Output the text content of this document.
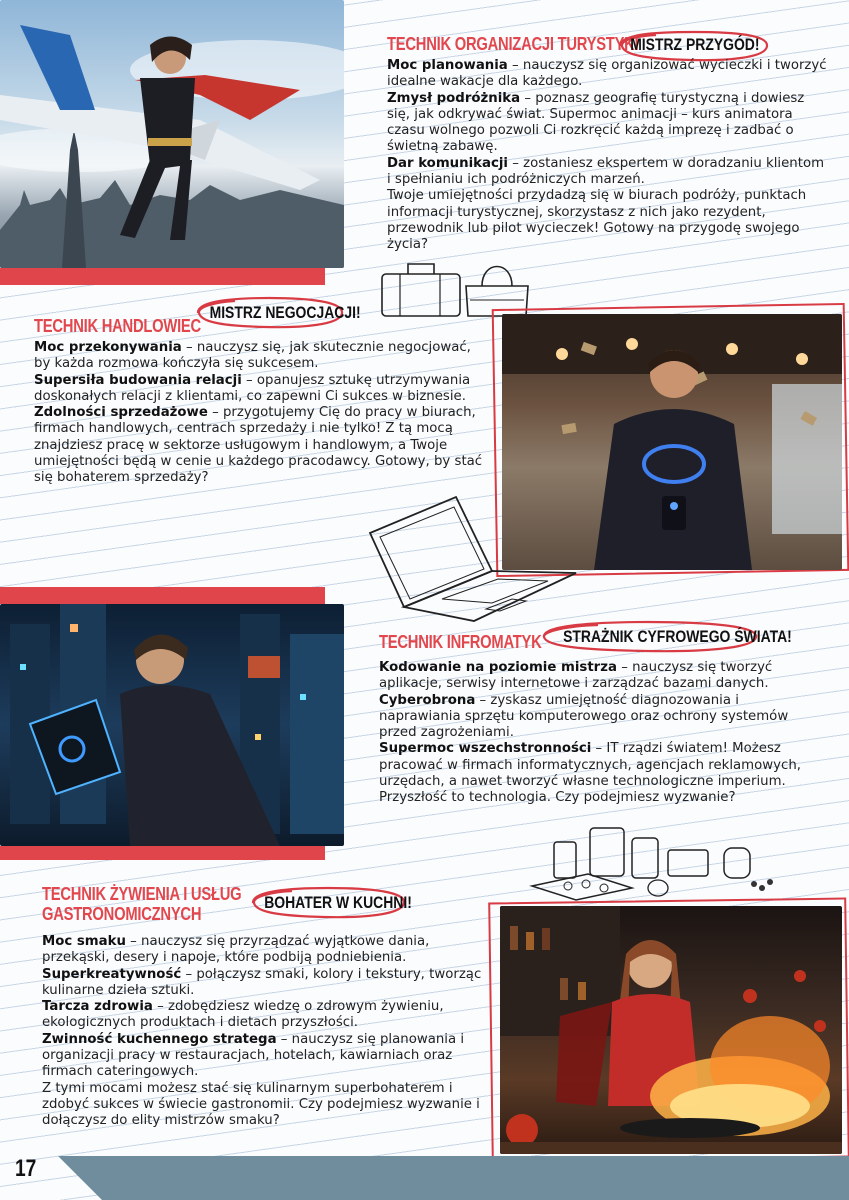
TECHNIK ORGANIZACJI TURYSTYKI
MISTRZ PRZYGÓD!

Moc planowania – nauczysz się organizować wycieczki i tworzyć idealne wakacje dla każdego.

Zmysł podróżnika – poznasz geografię turystyczną i dowiesz się, jak odkrywać świat. Supermoc animacji – kurs animatora czasu wolnego pozwoli Ci rozkręcić każdą imprezę i zadbać o świetną zabawę.

Dar komunikacji – zostaniesz ekspertem w doradzaniu klientom i spełnianiu ich podróżniczych marzeń.

Twoje umiejętności przydadzą się w biurach podróży, punktach informacji turystycznej, skorzystasz z nich jako rezydent, przewodnik lub pilot wycieczek! Gotowy na przygodę swojego życia?

TECHNIK HANDLOWIEC
MISTRZ NEGOCJACJI!

Moc przekonywania – nauczysz się, jak skutecznie negocjować, by każda rozmowa kończyła się sukcesem.

Supersiła budowania relacji – opanujesz sztukę utrzymywania doskonałych relacji z klientami, co zapewni Ci sukces w biznesie.

Zdolności sprzedażowe – przygotujemy Cię do pracy w biurach, firmach handlowych, centrach sprzedaży i nie tylko! Z tą mocą znajdziesz pracę w sektorze usługowym i handlowym, a Twoje umiejętności będą w cenie u każdego pracodawcy. Gotowy, by stać się bohaterem sprzedaży?

TECHNIK INFROMATYK	STRAŻNIK CYFROWEGO ŚWIATA!

Kodowanie na poziomie mistrza – nauczysz się tworzyć aplikacje, serwisy internetowe i zarządzać bazami danych.

Cyberobrona – zyskasz umiejętność diagnozowania i naprawiania sprzętu komputerowego oraz ochrony systemów przed zagrożeniami.

Supermoc wszechstronności – IT rządzi światem! Możesz pracować w firmach informatycznych, agencjach reklamowych, urzędach, a nawet tworzyć własne technologiczne imperium. Przyszłość to technologia. Czy podejmiesz wyzwanie?

TECHNIK ŻYWIENIA I USŁUG
GASTRONOMICZNYCH
BOHATER W KUCHNI!

Moc smaku – nauczysz się przyrządzać wyjątkowe dania, przekąski, desery i napoje, które podbiją podniebienia.

Superkreatywność – połączysz smaki, kolory i tekstury, tworząc kulinarne dzieła sztuki.

Tarcza zdrowia – zdobędziesz wiedzę o zdrowym żywieniu, ekologicznych produktach i dietach przyszłości.

Zwinność kuchennego stratega – nauczysz się planowania i organizacji pracy w restauracjach, hotelach, kawiarniach oraz firmach cateringowych.

Z tymi mocami możesz stać się kulinarnym superbohaterem i zdobyć sukces w świecie gastronomii. Czy podejmiesz wyzwanie i dołączysz do elity mistrzów smaku?

17
